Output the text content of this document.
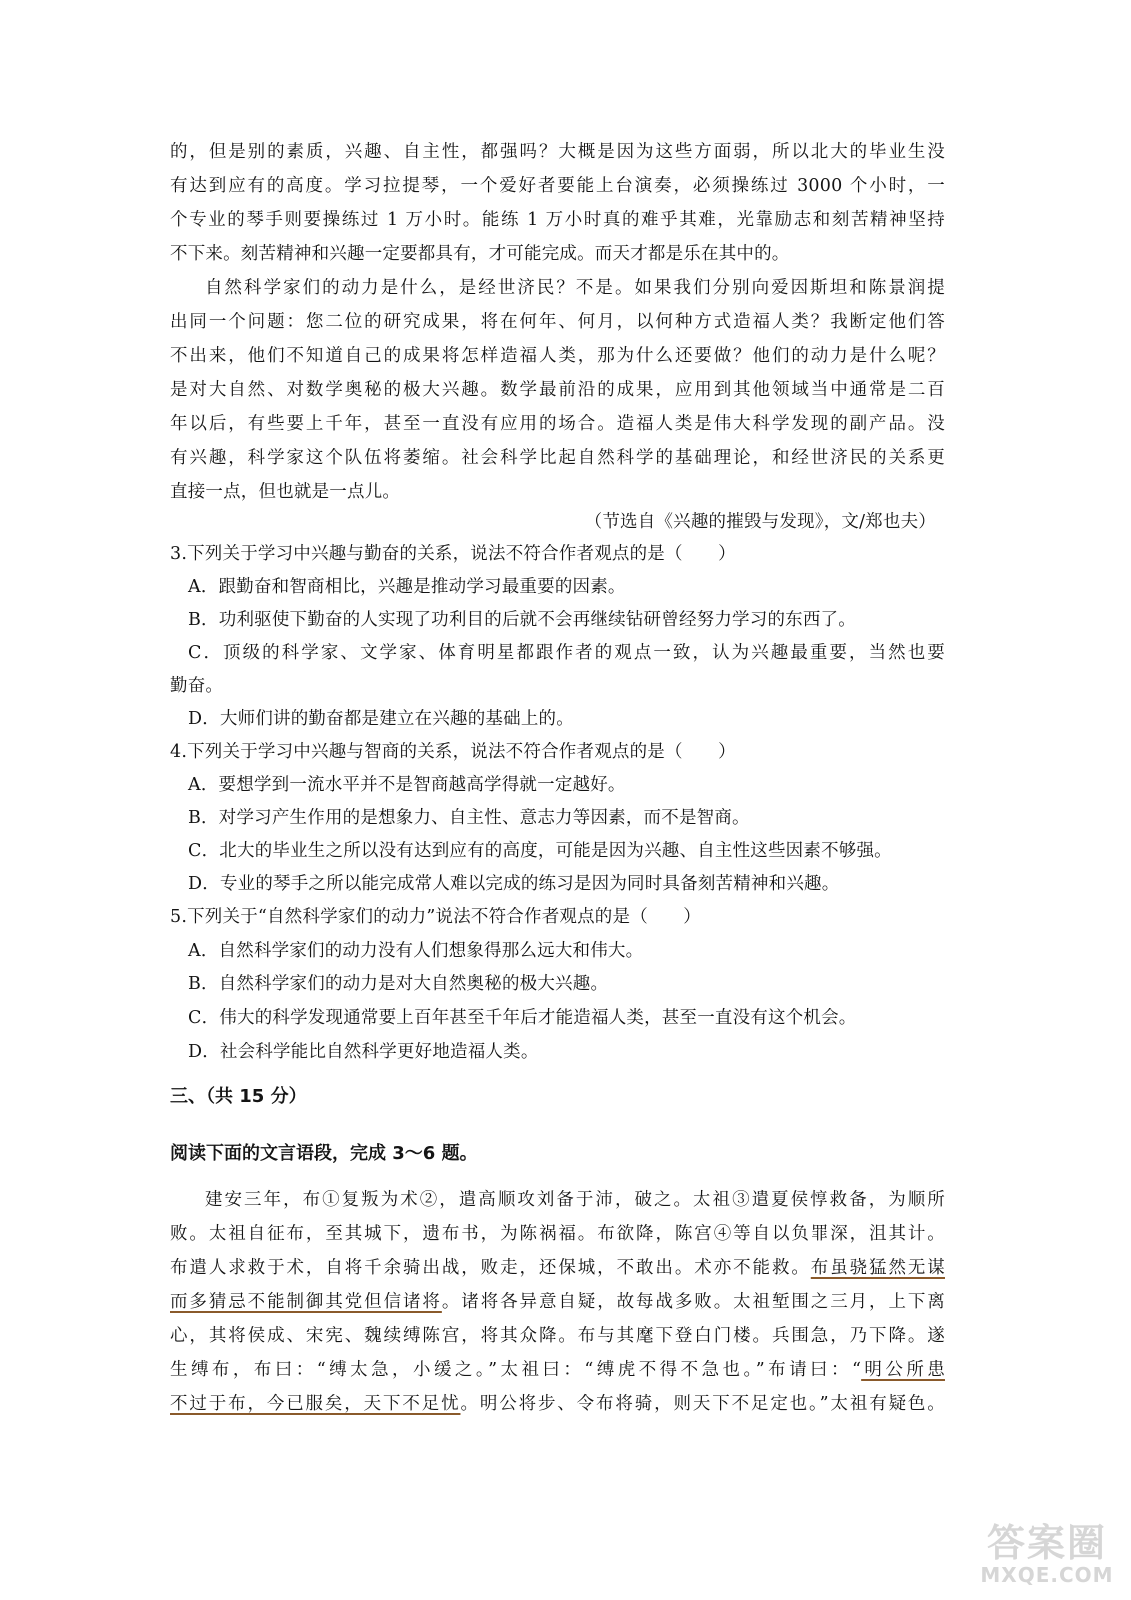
的，但是别的素质，兴趣、自主性，都强吗？大概是因为这些方面弱，所以北大的毕业生没
有达到应有的高度。学习拉提琴，一个爱好者要能上台演奏，必须操练过 3000 个小时，一
个专业的琴手则要操练过 1 万小时。能练 1 万小时真的难乎其难，光靠励志和刻苦精神坚持
不下来。刻苦精神和兴趣一定要都具有，才可能完成。而天才都是乐在其中的。
自然科学家们的动力是什么，是经世济民？不是。如果我们分别向爱因斯坦和陈景润提
出同一个问题：您二位的研究成果，将在何年、何月，以何种方式造福人类？我断定他们答
不出来，他们不知道自己的成果将怎样造福人类，那为什么还要做？他们的动力是什么呢？
是对大自然、对数学奥秘的极大兴趣。数学最前沿的成果，应用到其他领域当中通常是二百
年以后，有些要上千年，甚至一直没有应用的场合。造福人类是伟大科学发现的副产品。没
有兴趣，科学家这个队伍将萎缩。社会科学比起自然科学的基础理论，和经世济民的关系更
直接一点，但也就是一点儿。
（节选自《兴趣的摧毁与发现》，文/郑也夫）
3.下列关于学习中兴趣与勤奋的关系，说法不符合作者观点的是（　　）
A．跟勤奋和智商相比，兴趣是推动学习最重要的因素。
B．功利驱使下勤奋的人实现了功利目的后就不会再继续钻研曾经努力学习的东西了。
C．顶级的科学家、文学家、体育明星都跟作者的观点一致，认为兴趣最重要，当然也要
勤奋。
D．大师们讲的勤奋都是建立在兴趣的基础上的。
4.下列关于学习中兴趣与智商的关系，说法不符合作者观点的是（　　）
A．要想学到一流水平并不是智商越高学得就一定越好。
B．对学习产生作用的是想象力、自主性、意志力等因素，而不是智商。
C．北大的毕业生之所以没有达到应有的高度，可能是因为兴趣、自主性这些因素不够强。
D．专业的琴手之所以能完成常人难以完成的练习是因为同时具备刻苦精神和兴趣。
5.下列关于“自然科学家们的动力”说法不符合作者观点的是（　　）
A．自然科学家们的动力没有人们想象得那么远大和伟大。
B．自然科学家们的动力是对大自然奥秘的极大兴趣。
C．伟大的科学发现通常要上百年甚至千年后才能造福人类，甚至一直没有这个机会。
D．社会科学能比自然科学更好地造福人类。
三、（共 15 分）
阅读下面的文言语段，完成 3～6 题。
建安三年，布①复叛为术②，遣高顺攻刘备于沛，破之。太祖③遣夏侯惇救备，为顺所
败。太祖自征布，至其城下，遗布书，为陈祸福。布欲降，陈宫④等自以负罪深，沮其计。
布遣人求救于术，自将千余骑出战，败走，还保城，不敢出。术亦不能救。布虽骁猛然无谋
而多猜忌不能制御其党但信诸将。诸将各异意自疑，故每战多败。太祖堑围之三月，上下离
心，其将侯成、宋宪、魏续缚陈宫，将其众降。布与其麾下登白门楼。兵围急，乃下降。遂
生缚布，布曰：“缚太急，小缓之。”太祖曰：“缚虎不得不急也。”布请曰：“明公所患
不过于布，今已服矣，天下不足忧。明公将步、令布将骑，则天下不足定也。”太祖有疑色。
答案圈
MXQE.COM
